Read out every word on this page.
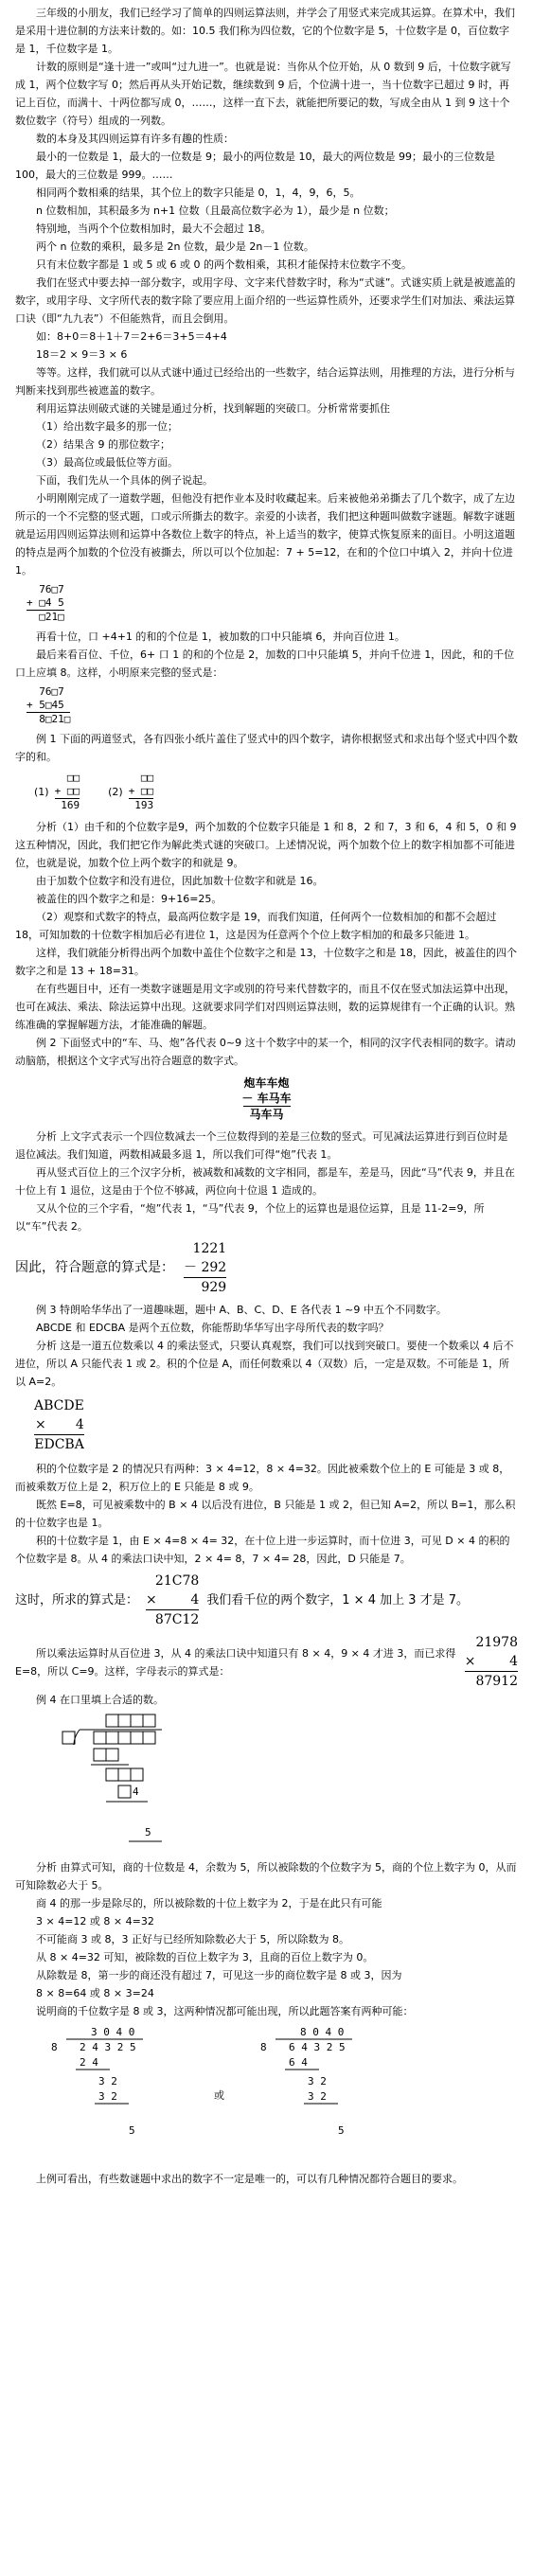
三年级的小朋友，我们已经学习了简单的四则运算法则，并学会了用竖式来完成其运算。在算术中，我们是采用十进位制的方法来计数的。如：10.5 我们称为四位数，它的个位数字是 5，十位数字是 0，百位数字是 1，千位数字是 1。

计数的原则是“逢十进一”或叫“过九进一”。也就是说：当你从个位开始，从 0 数到 9 后，十位数字就写成 1，两个位数字写 0；然后再从头开始记数，继续数到 9 后，个位满十进一，当十位数字已超过 9 时，再记上百位，而满十、十两位都写成 0，……，这样一直下去，就能把所要记的数，写成全由从 1 到 9 这十个数位数字（符号）组成的一列数。

数的本身及其四则运算有许多有趣的性质：

最小的一位数是 1，最大的一位数是 9；最小的两位数是 10，最大的两位数是 99；最小的三位数是 100，最大的三位数是 999。……

相同两个数相乘的结果，其个位上的数字只能是 0，1，4，9，6，5。

n 位数相加，其积最多为 n+1 位数（且最高位数字必为 1），最少是 n 位数；

特别地，当两个个位数相加时，最大不会超过 18。

两个 n 位数的乘积，最多是 2n 位数，最少是 2n－1 位数。

只有末位数字都是 1 或 5 或 6 或 0 的两个数相乘，其积才能保持末位数字不变。

我们在竖式中要去掉一部分数字，或用字母、文字来代替数字时，称为“式谜”。式谜实质上就是被遮盖的数字，或用字母、文字所代表的数字除了要应用上面介绍的一些运算性质外，还要求学生们对加法、乘法运算口诀（即“九九表”）不但能熟背，而且会倒用。

如：8+0＝8＋1＋7＝2+6＝3+5＝4+4

18＝2 × 9＝3 × 6

等等。这样，我们就可以从式谜中通过已经给出的一些数字，结合运算法则，用推理的方法，进行分析与判断来找到那些被遮盖的数字。

利用运算法则破式谜的关键是通过分析，找到解题的突破口。分析常常要抓住

（1）给出数字最多的那一位；

（2）结果含 9 的那位数字；

（3）最高位或最低位等方面。

下面，我们先从一个具体的例子说起。

小明刚刚完成了一道数学题，但他没有把作业本及时收藏起来。后来被他弟弟撕去了几个数字，成了左边所示的一个不完整的竖式题，口或示所撕去的数字。亲爱的小读者，我们把这种题叫做数字谜题。解数字谜题就是运用四则运算法则和运算中各数位上数字的特点，补上适当的数字，使算式恢复原来的面目。小明这道题的特点是两个加数的个位没有被撕去，所以可以个位加起：7 + 5=12，在和的个位口中填入 2，并向十位进 1。

76□7
+ □4 5
□21□

再看十位，口 +4+1 的和的个位是 1，被加数的口中只能填 6，并向百位进 1。

最后来看百位、千位，6+ 口 1 的和的个位是 2，加数的口中只能填 5，并向千位进 1，因此，和的千位口上应填 8。这样，小明原来完整的竖式是：

76□7
+ 5□45
8□21□

例 1 下面的两道竖式，各有四张小纸片盖住了竖式中的四个数字，请你根据竖式和求出每个竖式中四个数字的和。

(1)
□□
+ □□
169
(2)
□□
+ □□
193

分析（1）由千和的个位数字是9，两个加数的个位数字只能是 1 和 8，2 和 7，3 和 6，4 和 5，0 和 9 这五种情况，因此，我们把它作为解此类式谜的突破口。上述情况说，两个加数个位上的数字相加都不可能进位，也就是说，加数个位上两个数字的和就是 9。

由于加数个位数字和没有进位，因此加数十位数字和就是 16。

被盖住的四个数字之和是：9+16=25。

（2）观察和式数字的特点，最高两位数字是 19，而我们知道，任何两个一位数相加的和都不会超过 18，可知加数的十位数字相加后必有进位 1，这是因为任意两个个位上数字相加的和最多只能进 1。

这样，我们就能分析得出两个加数中盖住个位数字之和是 13，十位数字之和是 18，因此，被盖住的四个数字之和是 13 + 18=31。

在有些题目中，还有一类数字谜题是用文字或别的符号来代替数字的，而且不仅在竖式加法运算中出现，也可在减法、乘法、除法运算中出现。这就要求同学们对四则运算法则，数的运算规律有一个正确的认识。熟练准确的掌握解题方法，才能准确的解题。

例 2 下面竖式中的“车、马、炮”各代表 0~9 这十个数字中的某一个，相同的汉字代表相同的数字。请动动脑筋，根据这个文字式写出符合题意的数字式。

炮车车炮
－ 车马车
马车马

分析 上文字式表示一个四位数减去一个三位数得到的差是三位数的竖式。可见减法运算进行到百位时是退位减法。我们知道，两数相减最多退 1，所以我们可得“炮”代表 1。

再从竖式百位上的三个汉字分析，被减数和减数的文字相同，都是车，差是马，因此“马”代表 9，并且在十位上有 1 退位，这是由于个位不够减，两位向十位退 1 造成的。

又从个位的三个字看，“炮”代表 1，“马”代表 9，个位上的运算也是退位运算，且是 11-2=9，所以“车”代表 2。

因此，符合题意的算式是：
1221
－ 292
929

例 3 特朗哈华华出了一道趣味题，题中 A、B、C、D、E 各代表 1 ~9 中五个不同数字。

ABCDE 和 EDCBA 是两个五位数，你能帮助华华写出字母所代表的数字吗？

分析 这是一道五位数乘以 4 的乘法竖式，只要认真观察，我们可以找到突破口。要使一个数乘以 4 后不进位，所以 A 只能代表 1 或 2。积的个位是 A，而任何数乘以 4（双数）后，一定是双数。不可能是 1，所以 A=2。

ABCDE
×       4
EDCBA

积的个位数字是 2 的情况只有两种：3 × 4=12，8 × 4=32。因此被乘数个位上的 E 可能是 3 或 8，而被乘数万位上是 2，积万位上的 E 只能是 8 或 9。

既然 E=8，可见被乘数中的 B × 4 以后没有进位，B 只能是 1 或 2，但已知 A=2，所以 B=1，那么积的十位数字也是 1。

积的十位数字是 1，由 E × 4=8 × 4= 32，在十位上进一步运算时，而十位进 3，可见 D × 4 的积的个位数字是 8。从 4 的乘法口诀中知，2 × 4= 8，7 × 4= 28，因此，D 只能是 7。

这时，所求的算式是：
21C78
×        4
87C12
我们看千位的两个数字，1 × 4 加上 3 才是 7。

所以乘法运算时从百位进 3，从 4 的乘法口诀中知道只有 8 × 4，9 × 4 才进 3，而已求得 E=8，所以 C=9。这样，字母表示的算式是：

21978
×        4
87912

例 4 在口里填上合适的数。

4
5

分析 由算式可知，商的十位数是 4，余数为 5，所以被除数的个位数字为 5，商的个位上数字为 0，从而可知除数必大于 5。

商 4 的那一步是除尽的，所以被除数的十位上数字为 2，于是在此只有可能

3 × 4=12 或 8 × 4=32

不可能商 3 或 8，3 正好与已经所知除数必大于 5，所以除数为 8。

从 8 × 4=32 可知，被除数的百位上数字为 3，且商的百位上数字为 0。

从除数是 8，第一步的商还没有超过 7，可见这一步的商位数字是 8 或 3，因为

8 × 8=64 或 8 × 3=24

说明商的千位数字是 8 或 3，这两种情况都可能出现，所以此题答案有两种可能：

3 0 4 0
8 2 4 3 2 5
2 4
3 2
3 2
5
或
8 0 4 0
8 6 4 3 2 5
6 4
3 2
3 2
5

上例可看出，有些数谜题中求出的数字不一定是唯一的，可以有几种情况都符合题目的要求。
